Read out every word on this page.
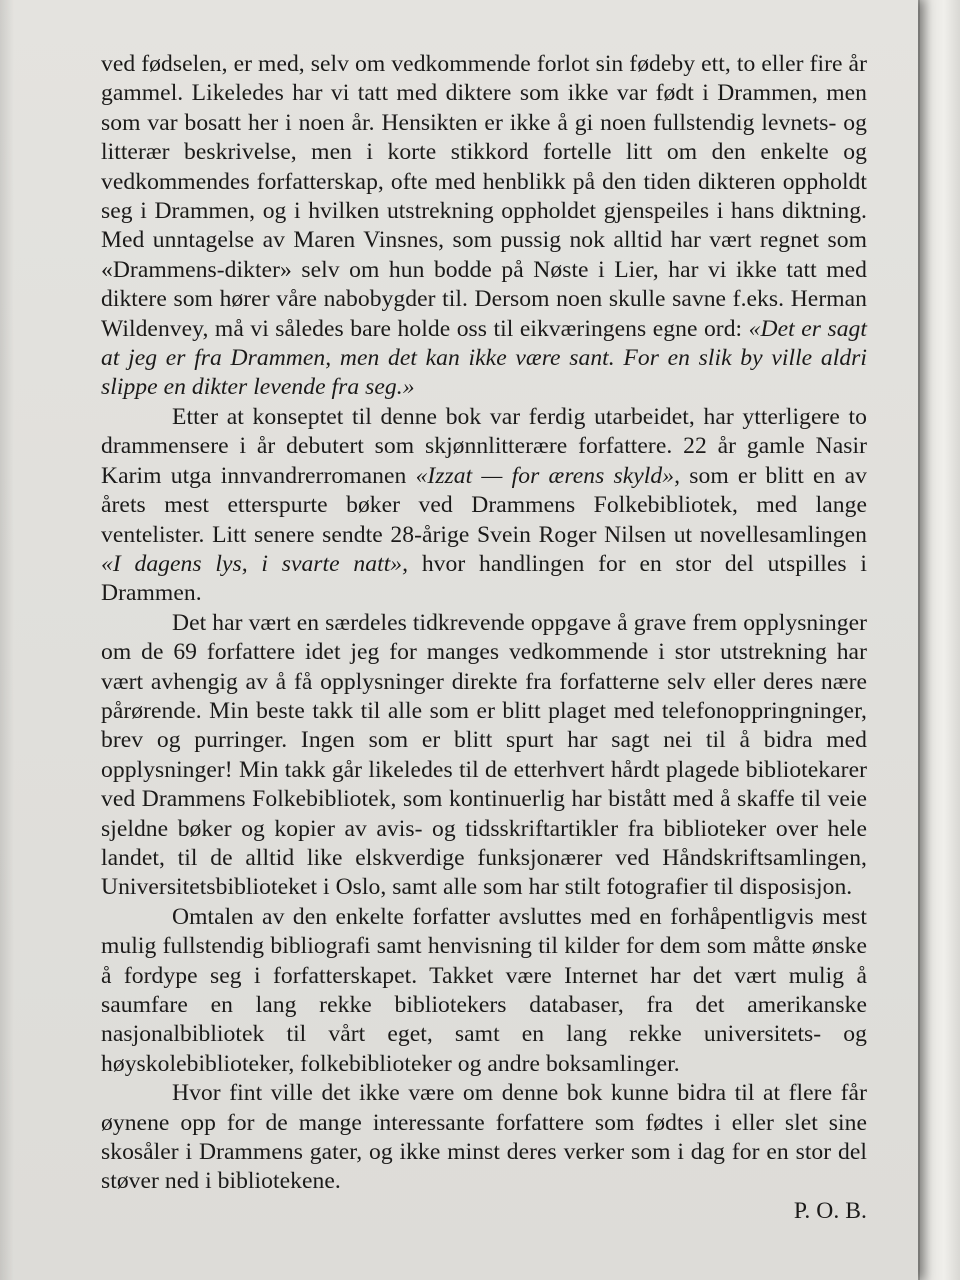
ved fødselen, er med, selv om vedkommende forlot sin fødeby ett, to eller fire år gammel. Likeledes har vi tatt med diktere som ikke var født i Drammen, men som var bosatt her i noen år. Hensikten er ikke å gi noen fullstendig levnets- og litterær beskrivelse, men i korte stikkord fortelle litt om den enkelte og vedkommendes forfatterskap, ofte med henblikk på den tiden dikteren oppholdt seg i Drammen, og i hvilken utstrekning oppholdet gjenspeiles i hans diktning. Med unntagelse av Maren Vinsnes, som pussig nok alltid har vært regnet som «Drammens-dikter» selv om hun bodde på Nøste i Lier, har vi ikke tatt med diktere som hører våre nabobygder til. Dersom noen skulle savne f.eks. Herman Wildenvey, må vi således bare holde oss til eikværingens egne ord: «Det er sagt at jeg er fra Drammen, men det kan ikke være sant. For en slik by ville aldri slippe en dikter levende fra seg.»

Etter at konseptet til denne bok var ferdig utarbeidet, har ytterligere to drammensere i år debutert som skjønnlitterære forfattere. 22 år gamle Nasir Karim utga innvandrerromanen «Izzat — for ærens skyld», som er blitt en av årets mest etterspurte bøker ved Drammens Folkebibliotek, med lange ventelister. Litt senere sendte 28-årige Svein Roger Nilsen ut novellesamlingen «I dagens lys, i svarte natt», hvor handlingen for en stor del utspilles i Drammen.

Det har vært en særdeles tidkrevende oppgave å grave frem opplysninger om de 69 forfattere idet jeg for manges vedkommende i stor utstrekning har vært avhengig av å få opplysninger direkte fra forfatterne selv eller deres nære pårørende. Min beste takk til alle som er blitt plaget med telefonoppringninger, brev og purringer. Ingen som er blitt spurt har sagt nei til å bidra med opplysninger! Min takk går likeledes til de etterhvert hårdt plagede bibliotekarer ved Drammens Folkebibliotek, som kontinuerlig har bistått med å skaffe til veie sjeldne bøker og kopier av avis- og tidsskriftartikler fra biblioteker over hele landet, til de alltid like elskverdige funksjonærer ved Håndskriftsamlingen, Universitetsbiblioteket i Oslo, samt alle som har stilt fotografier til disposisjon.

Omtalen av den enkelte forfatter avsluttes med en forhåpentligvis mest mulig fullstendig bibliografi samt henvisning til kilder for dem som måtte ønske å fordype seg i forfatterskapet. Takket være Internet har det vært mulig å saumfare en lang rekke bibliotekers databaser, fra det amerikanske nasjonalbibliotek til vårt eget, samt en lang rekke universitets- og høyskolebiblioteker, folkebiblioteker og andre boksamlinger.

Hvor fint ville det ikke være om denne bok kunne bidra til at flere får øynene opp for de mange interessante forfattere som fødtes i eller slet sine skosåler i Drammens gater, og ikke minst deres verker som i dag for en stor del støver ned i bibliotekene.

P. O. B.
